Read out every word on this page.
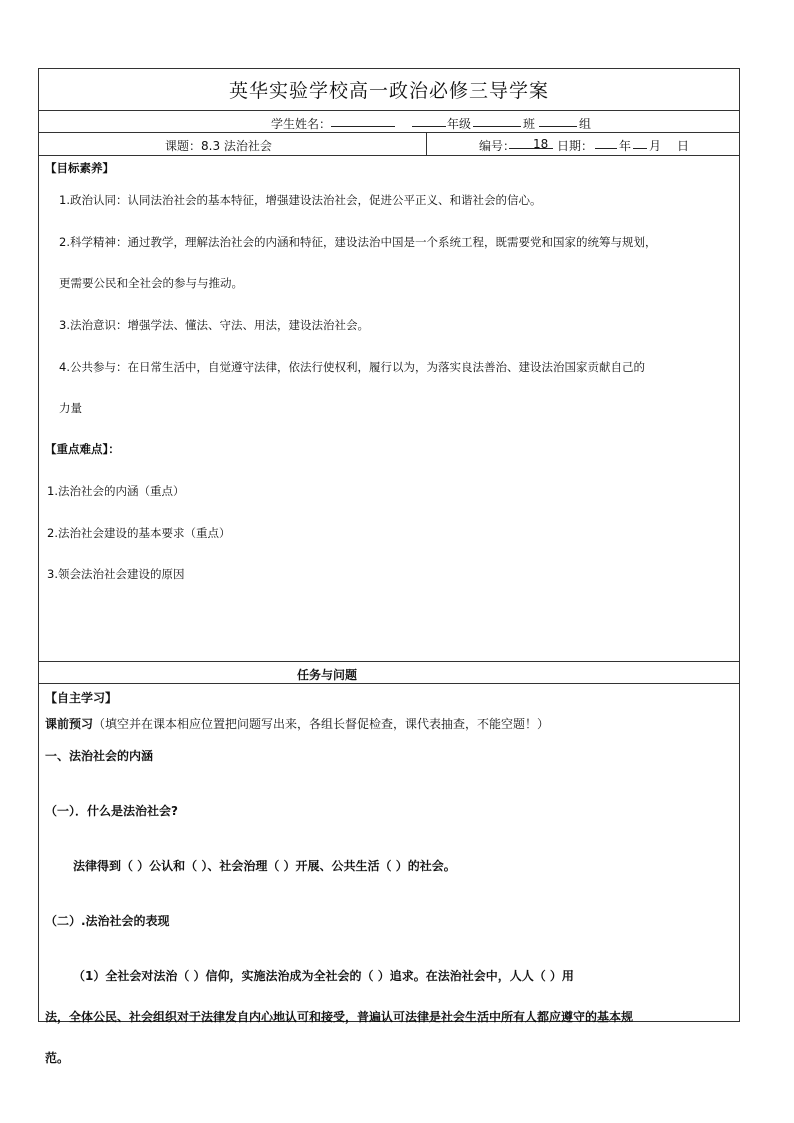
英华实验学校高一政治必修三导学案
学生姓名：	年级	班	组
课题：8.3 法治社会	编号： 18 日期： 年 月 日
【目标素养】
1.政治认同：认同法治社会的基本特征，增强建设法治社会，促进公平正义、和谐社会的信心。
2.科学精神：通过教学，理解法治社会的内涵和特征，建设法治中国是一个系统工程，既需要党和国家的统筹与规划，
更需要公民和全社会的参与与推动。
3.法治意识：增强学法、懂法、守法、用法，建设法治社会。
4.公共参与：在日常生活中，自觉遵守法律，依法行使权利，履行以为，为落实良法善治、建设法治国家贡献自己的
力量
【重点难点】：
1.法治社会的内涵（重点）
2.法治社会建设的基本要求（重点）
3.领会法治社会建设的原因
任务与问题
【自主学习】
课前预习（填空并在课本相应位置把问题写出来，各组长督促检查，课代表抽查，不能空题！）
一、法治社会的内涵
（一）．什么是法治社会?
法律得到（ ）公认和（ ）、社会治理（ ）开展、公共生活（ ）的社会。
（二）.法治社会的表现
（1）全社会对法治（ ）信仰，实施法治成为全社会的（ ）追求。在法治社会中，人人（ ）用
法，全体公民、社会组织对于法律发自内心地认可和接受，普遍认可法律是社会生活中所有人都应遵守的基本规
范。
